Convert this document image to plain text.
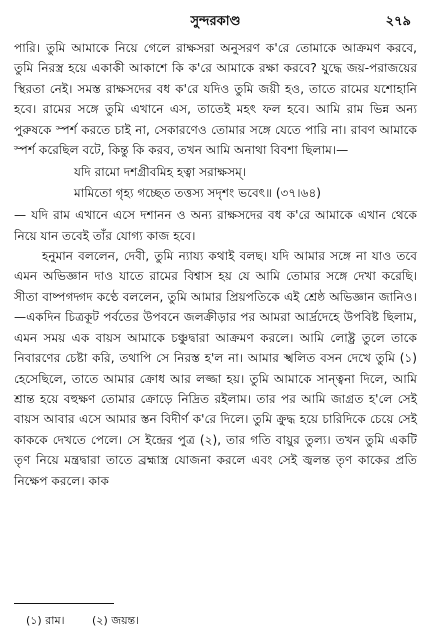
সুন্দরকাণ্ড	২৭৯

পারি। তুমি আমাকে নিয়ে গেলে রাক্ষসরা অনুসরণ ক'রে তোমাকে আক্রমণ করবে, তুমি নিরস্ত্র হয়ে একাকী আকাশে কি ক'রে আমাকে রক্ষা করবে? যুদ্ধে জয়-পরাজয়ের স্থিরতা নেই। সমস্ত রাক্ষসদের বধ ক'রে যদিও তুমি জয়ী হও, তাতে রামের যশোহানি হবে। রামের সঙ্গে তুমি এখানে এস, তাতেই মহৎ ফল হবে। আমি রাম ভিন্ন অন্য পুরুষকে স্পর্শ করতে চাই না, সেকারণেও তোমার সঙ্গে যেতে পারি না। রাবণ আমাকে স্পর্শ করেছিল বটে, কিন্তু কি করব, তখন আমি অনাথা বিবশা ছিলাম।—

যদি রামো দশগ্রীবমিহ হত্বা সরাক্ষসম্।
মামিতো গৃহ্য গচ্ছেত তত্তস্য সদৃশং ভবেৎ॥ (৩৭।৬৪)

— যদি রাম এখানে এসে দশানন ও অন্য রাক্ষসদের বধ ক'রে আমাকে এখান থেকে নিয়ে যান তবেই তাঁর যোগ্য কাজ হবে।

হনুমান বললেন, দেবী, তুমি ন্যায্য কথাই বলছ। যদি আমার সঙ্গে না যাও তবে এমন অভিজ্ঞান দাও যাতে রামের বিশ্বাস হয় যে আমি তোমার সঙ্গে দেখা করেছি। সীতা বাষ্পগদ্গদ কণ্ঠে বললেন, তুমি আমার প্রিয়পতিকে এই শ্রেষ্ঠ অভিজ্ঞান জানিও।—একদিন চিত্রকূট পর্বতের উপবনে জলক্রীড়ার পর আমরা আর্দ্রদেহে উপবিষ্ট ছিলাম, এমন সময় এক বায়স আমাকে চঞ্চুদ্বারা আক্রমণ করলে। আমি লোষ্ট্র তুলে তাকে নিবারণের চেষ্টা করি, তথাপি সে নিরস্ত হ'ল না। আমার স্খলিত বসন দেখে তুমি (১) হেসেছিলে, তাতে আমার ক্রোধ আর লজ্জা হয়। তুমি আমাকে সান্ত্বনা দিলে, আমি শ্রান্ত হয়ে বহুক্ষণ তোমার ক্রোড়ে নিদ্রিত রইলাম। তার পর আমি জাগ্রত হ'লে সেই বায়স আবার এসে আমার স্তন বিদীর্ণ ক'রে দিলে। তুমি ক্রুদ্ধ হয়ে চারিদিকে চেয়ে সেই কাককে দেখতে পেলে। সে ইন্দ্রের পুত্র (২), তার গতি বায়ুর তুল্য। তখন তুমি একটি তৃণ নিয়ে মন্ত্রদ্বারা তাতে ব্রহ্মাস্ত্র যোজনা করলে এবং সেই জ্বলন্ত তৃণ কাকের প্রতি নিক্ষেপ করলে। কাক

(১) রাম।	(২) জয়ন্ত।
